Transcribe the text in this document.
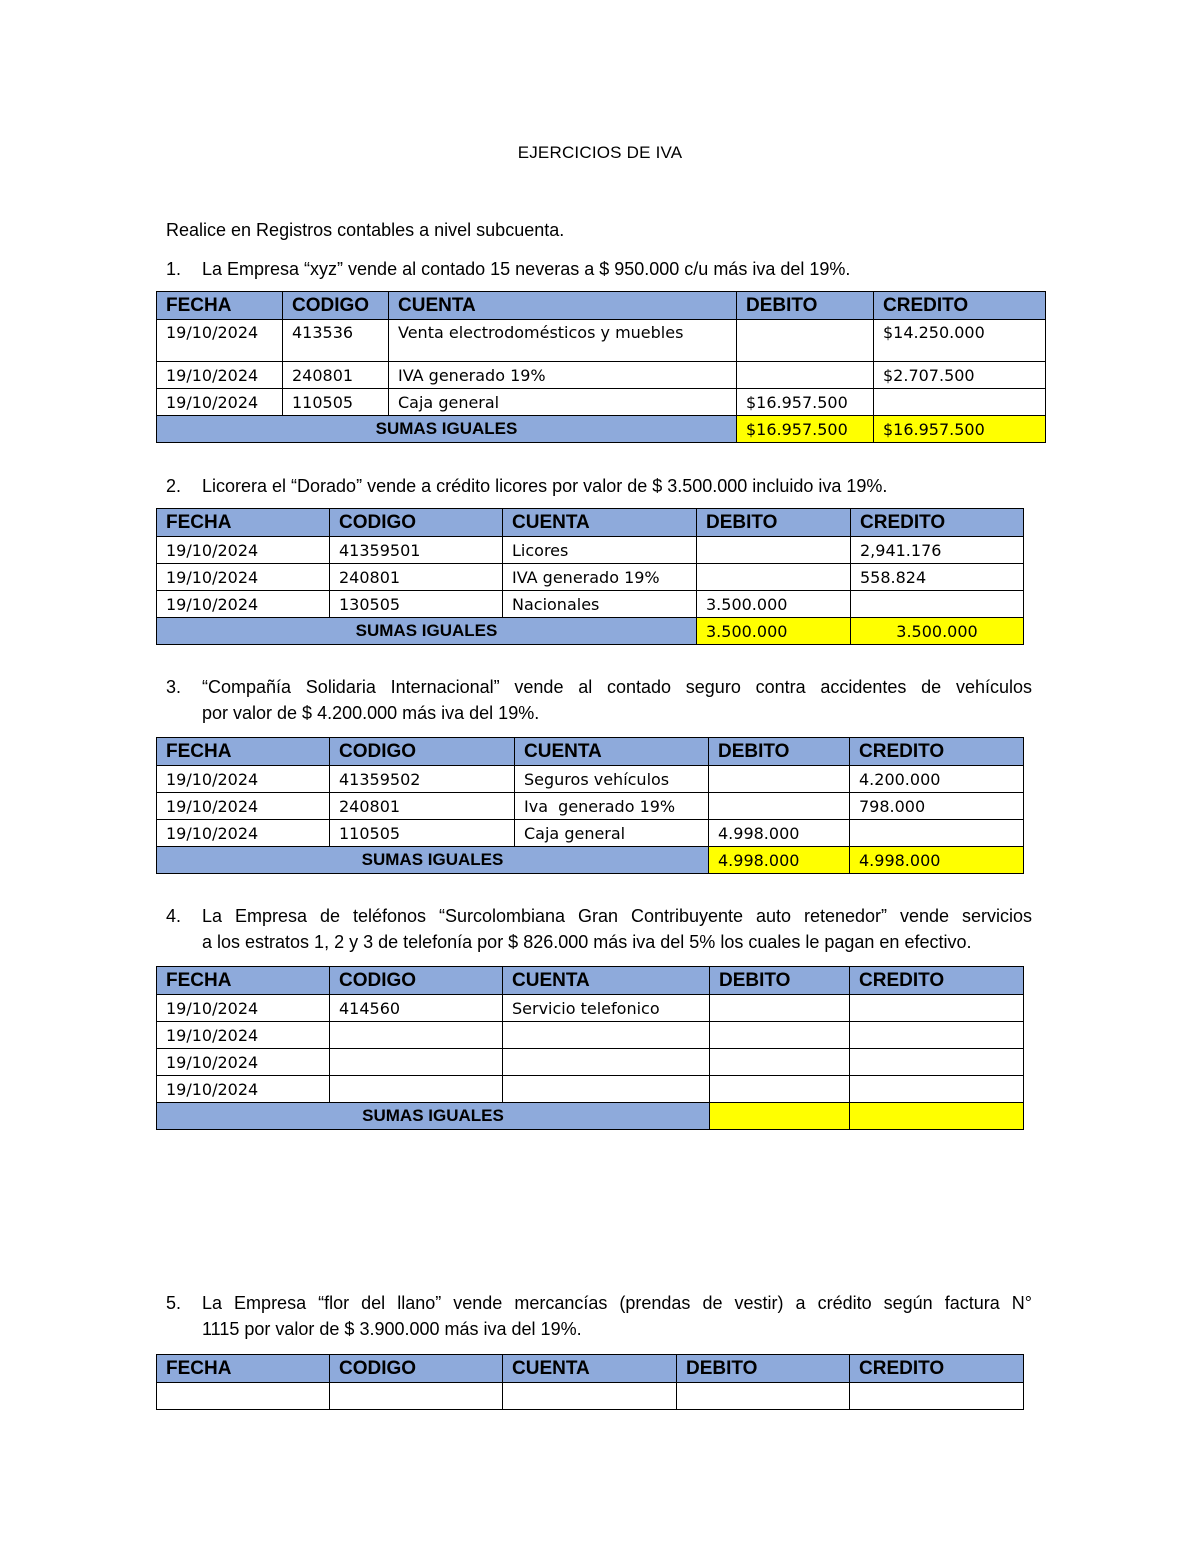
EJERCICIOS DE IVA
Realice en Registros contables a nivel subcuenta.
1. La Empresa “xyz” vende al contado 15 neveras a $ 950.000 c/u más iva del 19%.
FECHA	CODIGO	CUENTA	DEBITO	CREDITO
19/10/2024	413536	Venta electrodomésticos y muebles		$14.250.000
19/10/2024	240801	IVA generado 19%		$2.707.500
19/10/2024	110505	Caja general	$16.957.500	
SUMAS IGUALES			$16.957.500	$16.957.500
2. Licorera el “Dorado” vende a crédito licores por valor de $ 3.500.000 incluido iva 19%.
FECHA	CODIGO	CUENTA	DEBITO	CREDITO
19/10/2024	41359501	Licores		2,941.176
19/10/2024	240801	IVA generado 19%		558.824
19/10/2024	130505	Nacionales	3.500.000	
SUMAS IGUALES			3.500.000	3.500.000
3. “Compañía Solidaria Internacional” vende al contado seguro contra accidentes de vehículos
por valor de $ 4.200.000 más iva del 19%.
FECHA	CODIGO	CUENTA	DEBITO	CREDITO
19/10/2024	41359502	Seguros vehículos		4.200.000
19/10/2024	240801	Iva  generado 19%		798.000
19/10/2024	110505	Caja general	4.998.000	
SUMAS IGUALES			4.998.000	4.998.000
4. La Empresa de teléfonos “Surcolombiana Gran Contribuyente auto retenedor” vende servicios
a los estratos 1, 2 y 3 de telefonía por $ 826.000 más iva del 5% los cuales le pagan en efectivo.
FECHA	CODIGO	CUENTA	DEBITO	CREDITO
19/10/2024	414560	Servicio telefonico		
19/10/2024				
19/10/2024				
19/10/2024				
SUMAS IGUALES				
5. La Empresa “flor del llano” vende mercancías (prendas de vestir) a crédito según factura N°
1115 por valor de $ 3.900.000 más iva del 19%.
FECHA	CODIGO	CUENTA	DEBITO	CREDITO
